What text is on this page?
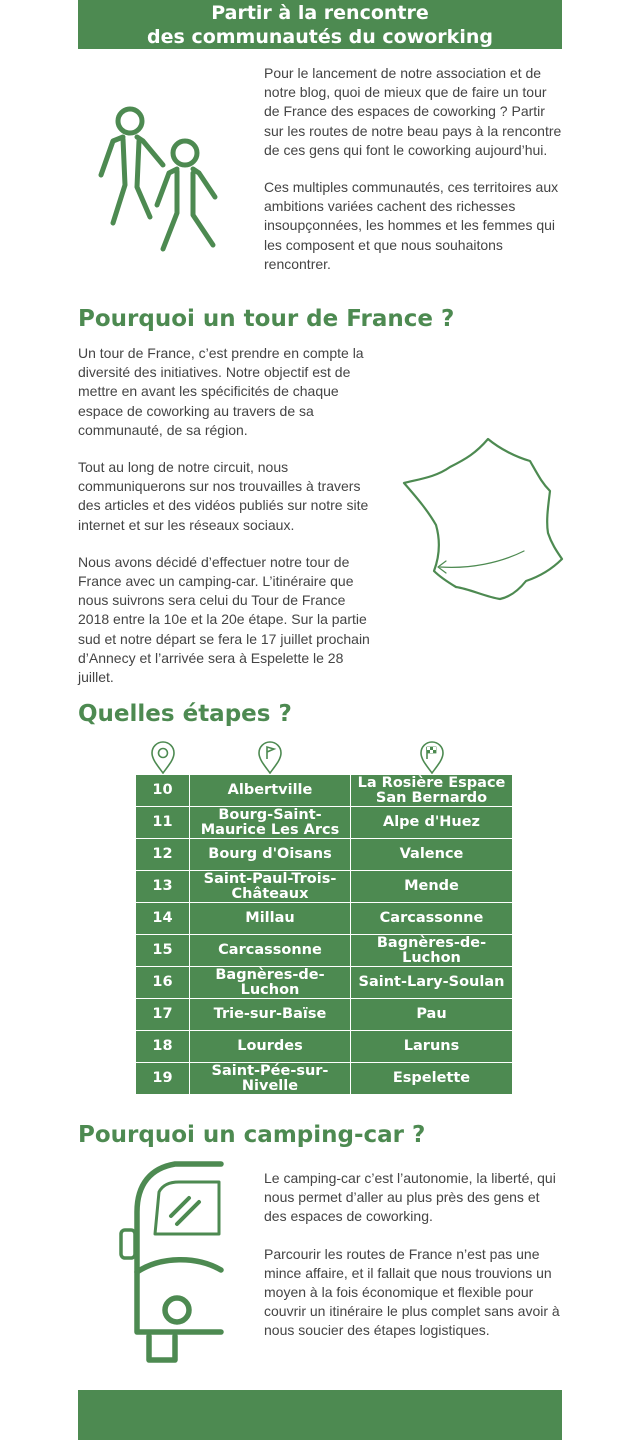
Partir à la rencontre
des communautés du coworking

Pour le lancement de notre association et de notre blog, quoi de mieux que de faire un tour de France des espaces de coworking ? Partir sur les routes de notre beau pays à la rencontre de ces gens qui font le coworking aujourd’hui.

Ces multiples communautés, ces territoires aux ambitions variées cachent des richesses insoupçonnées, les hommes et les femmes qui les composent et que nous souhaitons rencontrer.

Pourquoi un tour de France ?

Un tour de France, c’est prendre en compte la diversité des initiatives. Notre objectif est de mettre en avant les spécificités de chaque espace de coworking au travers de sa communauté, de sa région.

Tout au long de notre circuit, nous communiquerons sur nos trouvailles à travers des articles et des vidéos publiés sur notre site internet et sur les réseaux sociaux.

Nous avons décidé d’effectuer notre tour de France avec un camping-car. L’itinéraire que nous suivrons sera celui du Tour de France 2018 entre la 10e et la 20e étape. Sur la partie sud et notre départ se fera le 17 juillet prochain d’Annecy et l’arrivée sera à Espelette le 28 juillet.

Quelles étapes ?
10	Albertville	La Rosière Espace San Bernardo
11	Bourg-Saint-Maurice Les Arcs	Alpe d'Huez
12	Bourg d'Oisans	Valence
13	Saint-Paul-Trois-Châteaux	Mende
14	Millau	Carcassonne
15	Carcassonne	Bagnères-de-Luchon
16	Bagnères-de-Luchon	Saint-Lary-Soulan
17	Trie-sur-Baïse	Pau
18	Lourdes	Laruns
19	Saint-Pée-sur-Nivelle	Espelette
Pourquoi un camping-car ?

Le camping-car c’est l’autonomie, la liberté, qui nous permet d’aller au plus près des gens et des espaces de coworking.

Parcourir les routes de France n’est pas une mince affaire, et il fallait que nous trouvions un moyen à la fois économique et flexible pour couvrir un itinéraire le plus complet sans avoir à nous soucier des étapes logistiques.
